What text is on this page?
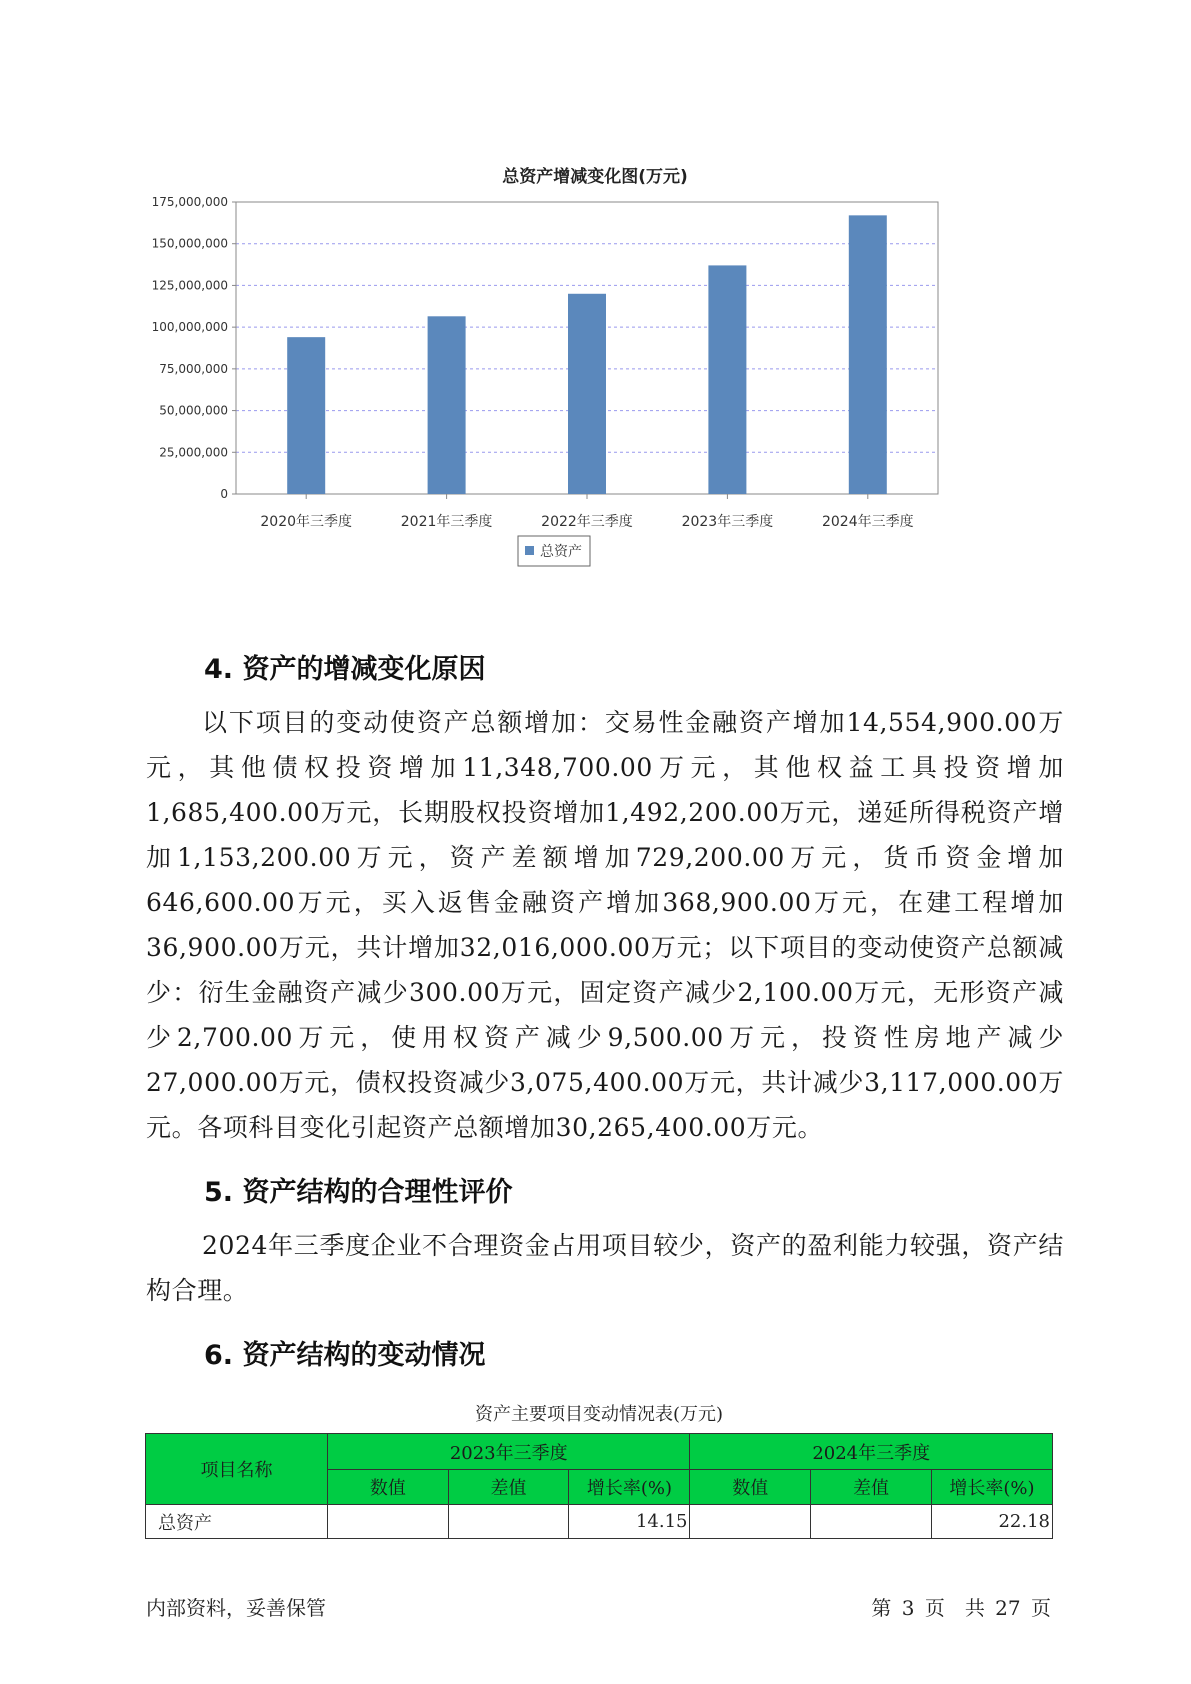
总资产增减变化图(万元)
0
25,000,000
50,000,000
75,000,000
100,000,000
125,000,000
150,000,000
175,000,000
2020年三季度	2021年三季度	2022年三季度	2023年三季度	2024年三季度
总资产
4. 资产的增减变化原因

以下项目的变动使资产总额增加：交易性金融资产增加14,554,900.00万元，其他债权投资增加11,348,700.00万元，其他权益工具投资增加1,685,400.00万元，长期股权投资增加1,492,200.00万元，递延所得税资产增加1,153,200.00万元，资产差额增加729,200.00万元，货币资金增加646,600.00万元，买入返售金融资产增加368,900.00万元，在建工程增加36,900.00万元，共计增加32,016,000.00万元；以下项目的变动使资产总额减少：衍生金融资产减少300.00万元，固定资产减少2,100.00万元，无形资产减少2,700.00万元，使用权资产减少9,500.00万元，投资性房地产减少27,000.00万元，债权投资减少3,075,400.00万元，共计减少3,117,000.00万元。各项科目变化引起资产总额增加30,265,400.00万元。

5. 资产结构的合理性评价

2024年三季度企业不合理资金占用项目较少，资产的盈利能力较强，资产结构合理。

6. 资产结构的变动情况
资产主要项目变动情况表(万元)
项目名称	2023年三季度			2024年三季度		
	数值	差值	增长率(%)	数值	差值	增长率(%)
总资产			14.15			22.18
内部资料，妥善保管	第 3 页　共 27 页
